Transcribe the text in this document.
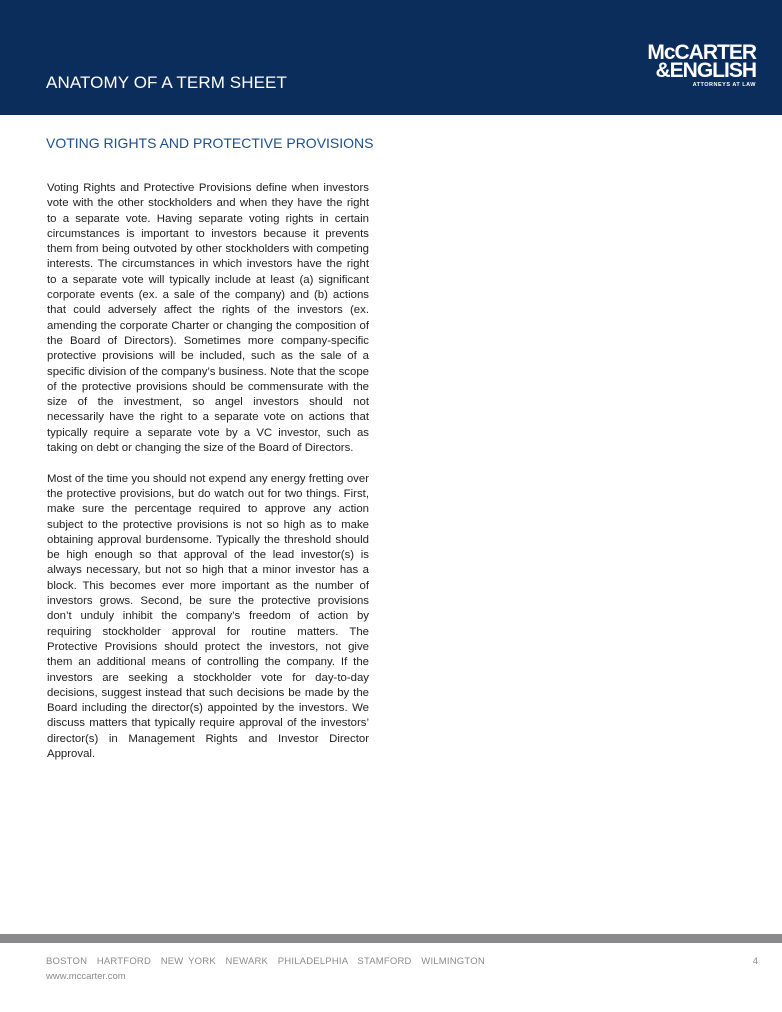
ANATOMY OF A TERM SHEET
McCARTER
&ENGLISH
ATTORNEYS AT LAW
VOTING RIGHTS AND PROTECTIVE PROVISIONS

Voting Rights and Protective Provisions define when investors vote with the other stockholders and when they have the right to a separate vote. Having separate voting rights in certain circumstances is important to investors because it prevents them from being outvoted by other stockholders with competing interests. The circumstances in which investors have the right to a separate vote will typically include at least (a) significant corporate events (ex. a sale of the company) and (b) actions that could adversely affect the rights of the investors (ex. amending the corporate Charter or changing the composition of the Board of Directors). Sometimes more company-specific protective provisions will be included, such as the sale of a specific division of the company’s business. Note that the scope of the protective provisions should be commensurate with the size of the investment, so angel investors should not necessarily have the right to a separate vote on actions that typically require a separate vote by a VC investor, such as taking on debt or changing the size of the Board of Directors.

Most of the time you should not expend any energy fretting over the protective provisions, but do watch out for two things. First, make sure the percentage required to approve any action subject to the protective provisions is not so high as to make obtaining approval burdensome. Typically the threshold should be high enough so that approval of the lead investor(s) is always necessary, but not so high that a minor investor has a block. This becomes ever more important as the number of investors grows. Second, be sure the protective provisions don’t unduly inhibit the company’s freedom of action by requiring stockholder approval for routine matters. The Protective Provisions should protect the investors, not give them an additional means of controlling the company. If the investors are seeking a stockholder vote for day-to-day decisions, suggest instead that such decisions be made by the Board including the director(s) appointed by the investors. We discuss matters that typically require approval of the investors’ director(s) in Management Rights and Investor Director Approval.

BOSTON  HARTFORD  NEW YORK  NEWARK  PHILADELPHIA  STAMFORD  WILMINGTON
www.mccarter.com
4
